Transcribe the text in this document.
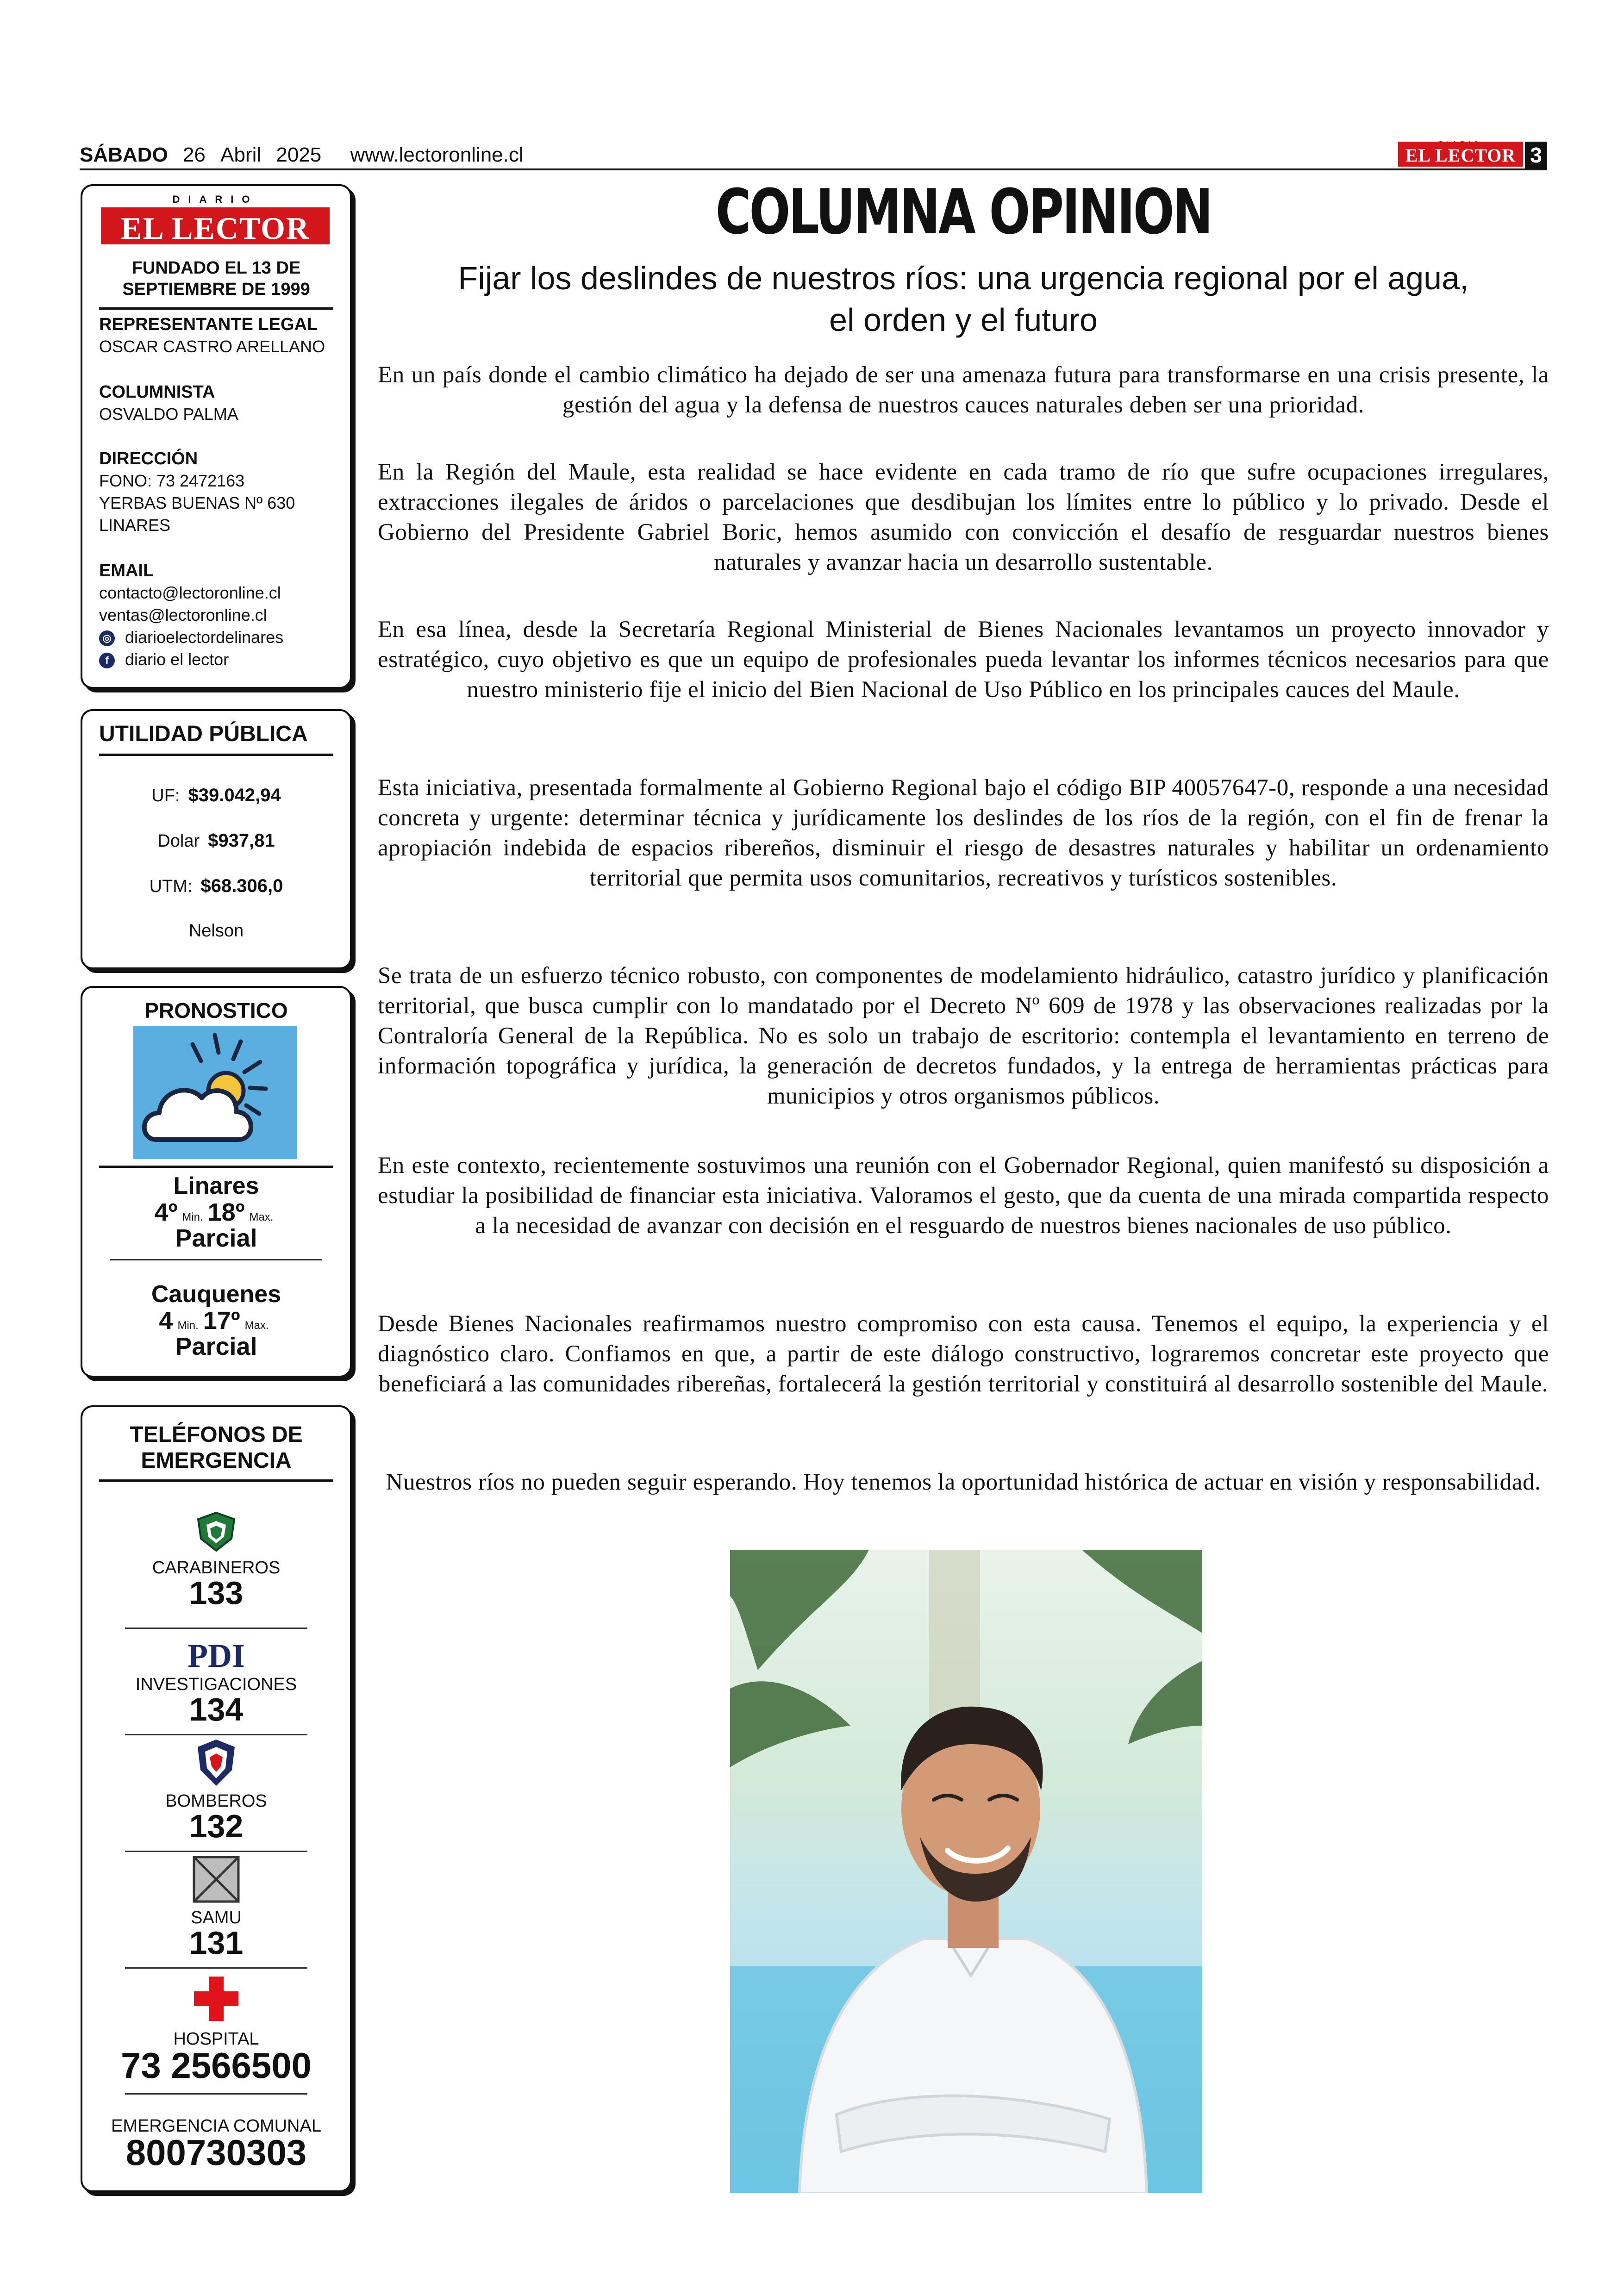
SÁBADO 26 Abril 2025 www.lectoronline.cl
DIARIO
EL LECTOR 3
DIARIO
EL LECTOR
FUNDADO EL 13 DE
SEPTIEMBRE DE 1999
REPRESENTANTE LEGAL
OSCAR CASTRO ARELLANO
COLUMNISTA
OSVALDO PALMA
DIRECCIÓN
FONO: 73 2472163
YERBAS BUENAS Nº 630
LINARES
EMAIL
contacto@lectoronline.cl
ventas@lectoronline.cl
◎ diarioelectordelinares
f diario el lector
UTILIDAD PÚBLICA
UF: $39.042,94
Dolar $937,81
UTM: $68.306,0
Nelson
PRONOSTICO
Linares
4º Min. 18º Max.
Parcial
Cauquenes
4 Min. 17º Max.
Parcial
TELÉFONOS DE
EMERGENCIA
CARABINEROS
133
PDI
INVESTIGACIONES
134
BOMBEROS
132
SAMU
131
HOSPITAL
73 2566500
EMERGENCIA COMUNAL
800730303
COLUMNA OPINION
Fijar los deslindes de nuestros ríos: una urgencia regional por el agua,
el orden y el futuro

En un país donde el cambio climático ha dejado de ser una amenaza futura para transformarse en una crisis presente, la gestión del agua y la defensa de nuestros cauces naturales deben ser una prioridad.

En la Región del Maule, esta realidad se hace evidente en cada tramo de río que sufre ocupaciones irregulares, extracciones ilegales de áridos o parcelaciones que desdibujan los límites entre lo público y lo privado. Desde el Gobierno del Presidente Gabriel Boric, hemos asumido con convicción el desafío de resguardar nuestros bienes naturales y avanzar hacia un desarrollo sustentable.

En esa línea, desde la Secretaría Regional Ministerial de Bienes Nacionales levantamos un proyecto innovador y estratégico, cuyo objetivo es que un equipo de profesionales pueda levantar los informes técnicos necesarios para que nuestro ministerio fije el inicio del Bien Nacional de Uso Público en los principales cauces del Maule.

Esta iniciativa, presentada formalmente al Gobierno Regional bajo el código BIP 40057647-0, responde a una necesidad concreta y urgente: determinar técnica y jurídicamente los deslindes de los ríos de la región, con el fin de frenar la apropiación indebida de espacios ribereños, disminuir el riesgo de desastres naturales y habilitar un ordenamiento territorial que permita usos comunitarios, recreativos y turísticos sostenibles.

Se trata de un esfuerzo técnico robusto, con componentes de modelamiento hidráulico, catastro jurídico y planificación territorial, que busca cumplir con lo mandatado por el Decreto Nº 609 de 1978 y las observaciones realizadas por la Contraloría General de la República. No es solo un trabajo de escritorio: contempla el levantamiento en terreno de información topográfica y jurídica, la generación de decretos fundados, y la entrega de herramientas prácticas para municipios y otros organismos públicos.

En este contexto, recientemente sostuvimos una reunión con el Gobernador Regional, quien manifestó su disposición a estudiar la posibilidad de financiar esta iniciativa. Valoramos el gesto, que da cuenta de una mirada compartida respecto a la necesidad de avanzar con decisión en el resguardo de nuestros bienes nacionales de uso público.

Desde Bienes Nacionales reafirmamos nuestro compromiso con esta causa. Tenemos el equipo, la experiencia y el diagnóstico claro. Confiamos en que, a partir de este diálogo constructivo, lograremos concretar este proyecto que beneficiará a las comunidades ribereñas, fortalecerá la gestión territorial y constituirá al desarrollo sostenible del Maule.

Nuestros ríos no pueden seguir esperando. Hoy tenemos la oportunidad histórica de actuar en visión y responsabilidad.
